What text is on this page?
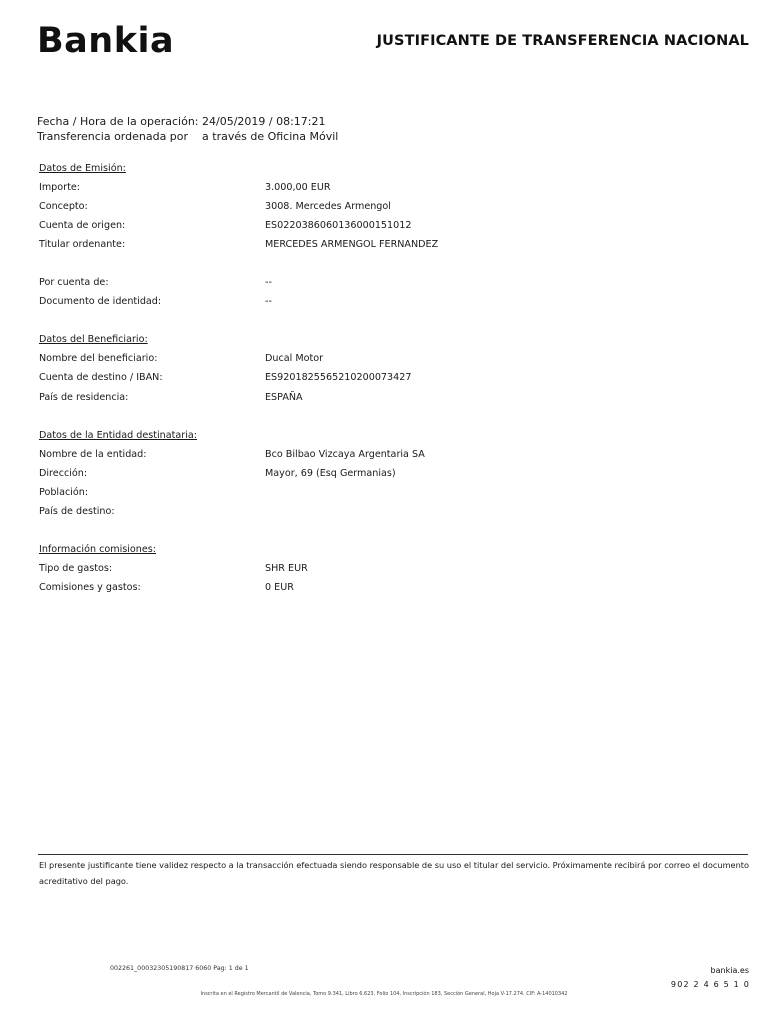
Bankia	JUSTIFICANTE DE TRANSFERENCIA NACIONAL
Fecha / Hora de la operación: 24/05/2019 / 08:17:21
Transferencia ordenada por    a través de Oficina Móvil
Datos de Emisión:
Importe:	3.000,00 EUR
Concepto:	3008. Mercedes Armengol
Cuenta de origen:	ES0220386060136000151012
Titular ordenante:	MERCEDES ARMENGOL FERNANDEZ
Por cuenta de:	--
Documento de identidad:	--
Datos del Beneficiario:
Nombre del beneficiario:	Ducal Motor
Cuenta de destino / IBAN:	ES9201825565210200073427
País de residencia:	ESPAÑA
Datos de la Entidad destinataria:
Nombre de la entidad:	Bco Bilbao Vizcaya Argentaria SA
Dirección:	Mayor, 69 (Esq Germanias)
Población:
País de destino:
Información comisiones:
Tipo de gastos:	SHR EUR
Comisiones y gastos:	0 EUR
El presente justificante tiene validez respecto a la transacción efectuada siendo responsable de su uso el titular del servicio. Próximamente recibirá por correo el documento acreditativo del pago.
002261_00032305190817 6060 Pag: 1 de 1	bankia.es
902 2 4 6 5 1 0
Inscrita en el Registro Mercantil de Valencia, Tomo 9.341, Libro 6.623, Folio 104, Inscripción 183, Sección General, Hoja V-17.274. CIF: A-14010342
